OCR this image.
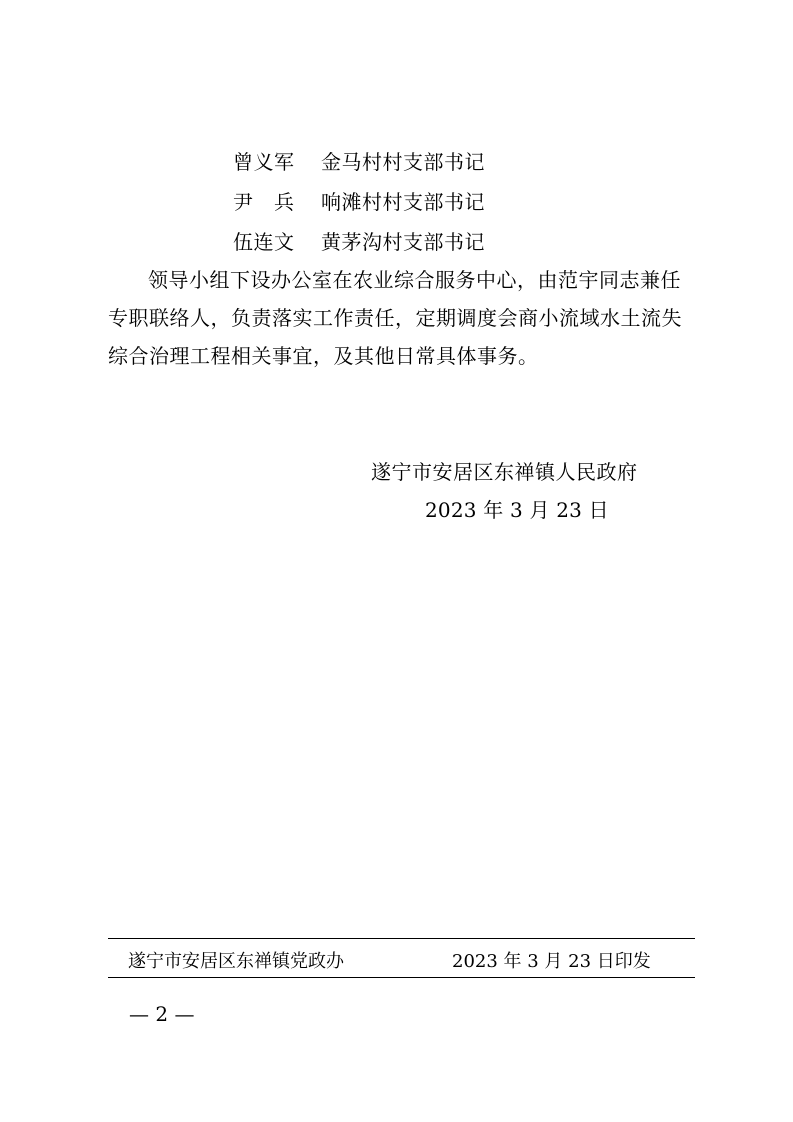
曾义军 金马村村支部书记
尹　兵 响滩村村支部书记
伍连文 黄茅沟村支部书记
领导小组下设办公室在农业综合服务中心，由范宇同志兼任
专职联络人，负责落实工作责任，定期调度会商小流域水土流失
综合治理工程相关事宜，及其他日常具体事务。
遂宁市安居区东禅镇人民政府
2023 年 3 月 23 日
遂宁市安居区东禅镇党政办	2023 年 3 月 23 日印发
— 2 —
